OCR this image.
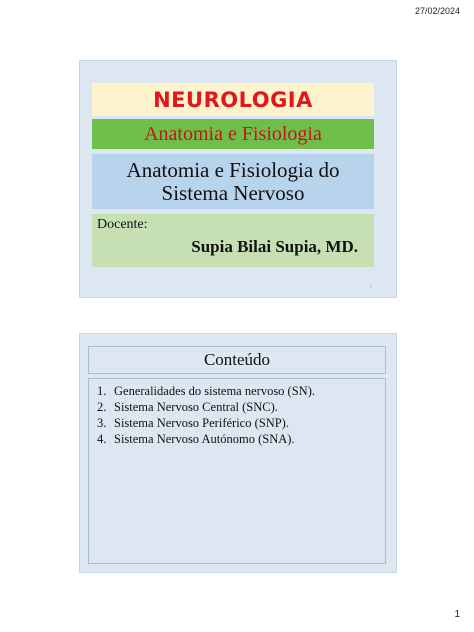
27/02/2024
NEUROLOGIA
Anatomia e Fisiologia
Anatomia e Fisiologia do
Sistema Nervoso
Docente:
Supia Bilai Supia, MD.
1
Conteúdo
1. Generalidades do sistema nervoso (SN).
2. Sistema Nervoso Central (SNC).
3. Sistema Nervoso Periférico (SNP).
4. Sistema Nervoso Autónomo (SNA).
1
